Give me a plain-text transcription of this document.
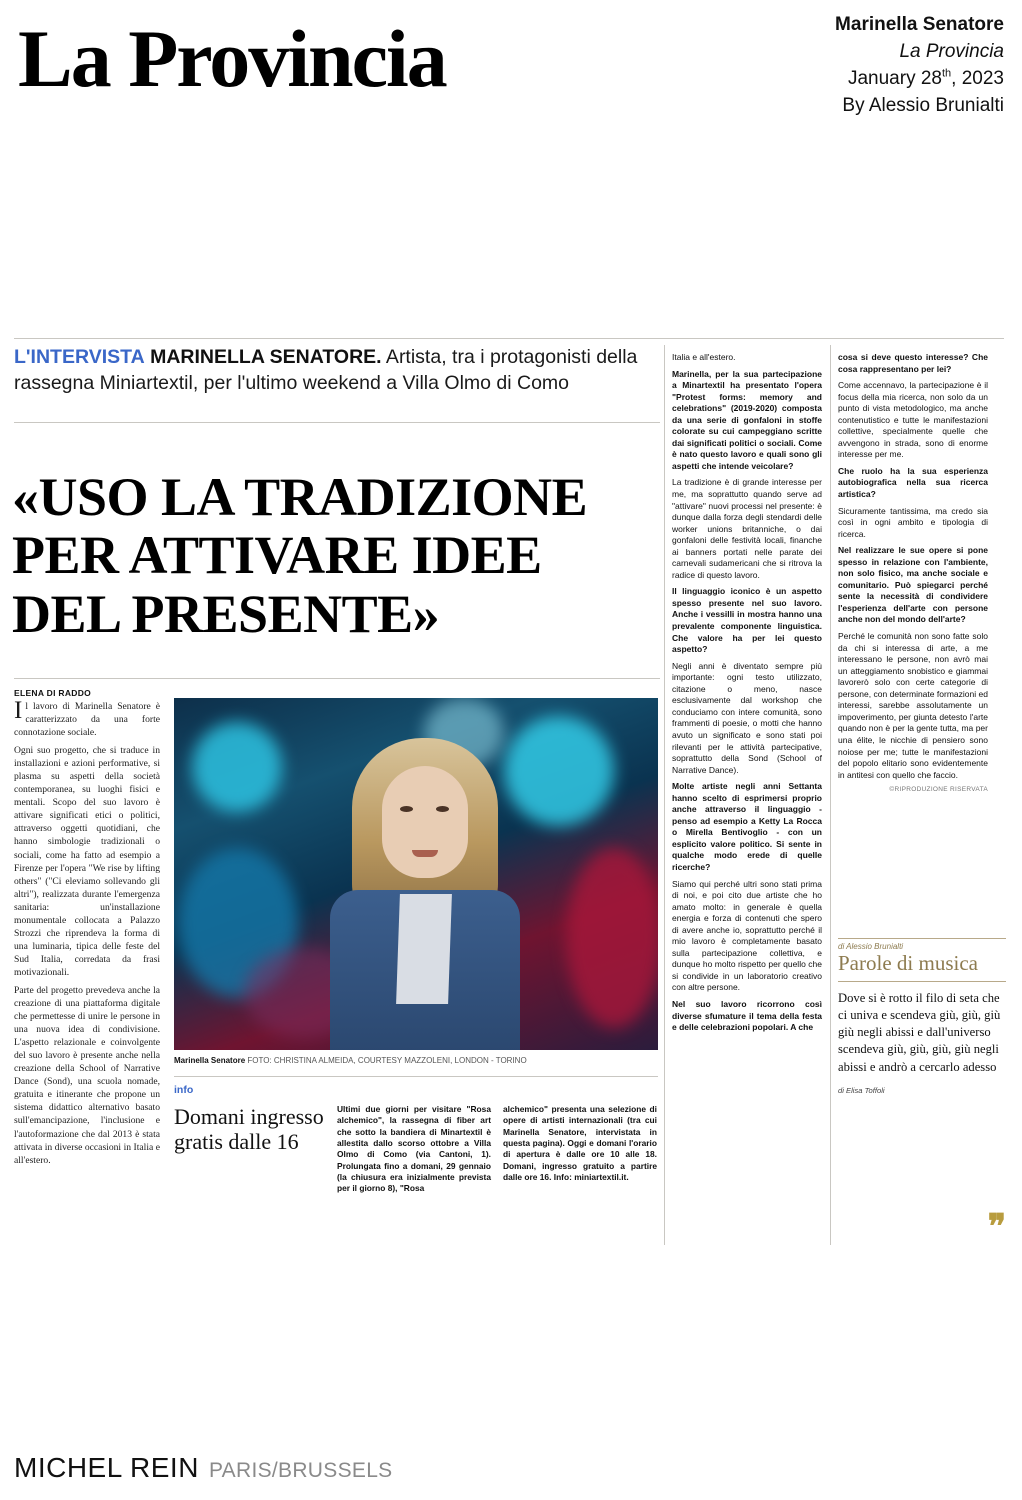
La Provincia	Marinella Senatore
La Provincia
January 28th, 2023
By Alessio Brunialti
L'INTERVISTA MARINELLA SENATORE. Artista, tra i protagonisti della rassegna Miniartextil, per l'ultimo weekend a Villa Olmo di Como
«USO LA TRADIZIONE PER ATTIVARE IDEE DEL PRESENTE»
ELENA DI RADDO

Il lavoro di Marinella Senatore è caratterizzato da una forte connotazione sociale.

Ogni suo progetto, che si traduce in installazioni e azioni performative, si plasma su aspetti della società contemporanea, su luoghi fisici e mentali. Scopo del suo lavoro è attivare significati etici o politici, attraverso oggetti quotidiani, che hanno simbologie tradizionali o sociali, come ha fatto ad esempio a Firenze per l'opera "We rise by lifting others" ("Ci eleviamo sollevando gli altri"), realizzata durante l'emergenza sanitaria: un'installazione monumentale collocata a Palazzo Strozzi che riprendeva la forma di una luminaria, tipica delle feste del Sud Italia, corredata da frasi motivazionali.

Parte del progetto prevedeva anche la creazione di una piattaforma digitale che permettesse di unire le persone in una nuova idea di condivisione. L'aspetto relazionale e coinvolgente del suo lavoro è presente anche nella creazione della School of Narrative Dance (Sond), una scuola nomade, gratuita e itinerante che propone un sistema didattico alternativo basato sull'emancipazione, l'inclusione e l'autoformazione che dal 2013 è stata attivata in diverse occasioni in Italia e all'estero.

Marinella Senatore FOTO: CHRISTINA ALMEIDA, COURTESY MAZZOLENI, LONDON - TORINO
info
Domani ingresso gratis dalle 16
Ultimi due giorni per visitare "Rosa alchemico", la rassegna di fiber art che sotto la bandiera di Minartextil è allestita dallo scorso ottobre a Villa Olmo di Como (via Cantoni, 1). Prolungata fino a domani, 29 gennaio (la chiusura era inizialmente prevista per il giorno 8), "Rosa
alchemico" presenta una selezione di opere di artisti internazionali (tra cui Marinella Senatore, intervistata in questa pagina). Oggi e domani l'orario di apertura è dalle ore 10 alle 18. Domani, ingresso gratuito a partire dalle ore 16. Info: miniartextil.it.

Italia e all'estero.

Marinella, per la sua partecipazione a Minartextil ha presentato l'opera "Protest forms: memory and celebrations" (2019-2020) composta da una serie di gonfaloni in stoffe colorate su cui campeggiano scritte dai significati politici o sociali. Come è nato questo lavoro e quali sono gli aspetti che intende veicolare?

La tradizione è di grande interesse per me, ma soprattutto quando serve ad "attivare" nuovi processi nel presente: è dunque dalla forza degli stendardi delle worker unions britanniche, o dai gonfaloni delle festività locali, finanche ai banners portati nelle parate dei carnevali sudamericani che si ritrova la radice di questo lavoro.

Il linguaggio iconico è un aspetto spesso presente nel suo lavoro. Anche i vessilli in mostra hanno una prevalente componente linguistica. Che valore ha per lei questo aspetto?

Negli anni è diventato sempre più importante: ogni testo utilizzato, citazione o meno, nasce esclusivamente dal workshop che conduciamo con intere comunità, sono frammenti di poesie, o motti che hanno avuto un significato e sono stati poi rilevanti per le attività partecipative, soprattutto della Sond (School of Narrative Dance).

Molte artiste negli anni Settanta hanno scelto di esprimersi proprio anche attraverso il linguaggio - penso ad esempio a Ketty La Rocca o Mirella Bentivoglio - con un esplicito valore politico. Si sente in qualche modo erede di quelle ricerche?

Siamo qui perché ultri sono stati prima di noi, e poi cito due artiste che ho amato molto: in generale è quella energia e forza di contenuti che spero di avere anche io, soprattutto perché il mio lavoro è completamente basato sulla partecipazione collettiva, e dunque ho molto rispetto per quello che si condivide in un laboratorio creativo con altre persone.

Nel suo lavoro ricorrono così diverse sfumature il tema della festa e delle celebrazioni popolari. A che

cosa si deve questo interesse? Che cosa rappresentano per lei?

Come accennavo, la partecipazione è il focus della mia ricerca, non solo da un punto di vista metodologico, ma anche contenutistico e tutte le manifestazioni collettive, specialmente quelle che avvengono in strada, sono di enorme interesse per me.

Che ruolo ha la sua esperienza autobiografica nella sua ricerca artistica?

Sicuramente tantissima, ma credo sia così in ogni ambito e tipologia di ricerca.

Nel realizzare le sue opere si pone spesso in relazione con l'ambiente, non solo fisico, ma anche sociale e comunitario. Può spiegarci perché sente la necessità di condividere l'esperienza dell'arte con persone anche non del mondo dell'arte?

Perché le comunità non sono fatte solo da chi si interessa di arte, a me interessano le persone, non avrò mai un atteggiamento snobistico e giammai lavorerò solo con certe categorie di persone, con determinate formazioni ed interessi, sarebbe assolutamente un impoverimento, per giunta detesto l'arte quando non è per la gente tutta, ma per una élite, le nicchie di pensiero sono noiose per me; tutte le manifestazioni del popolo elitario sono evidentemente in antitesi con quello che faccio.

©RIPRODUZIONE RISERVATA

di Alessio Brunialti
Parole di musica
Dove si è rotto il filo di seta che ci univa e scendeva giù, giù, giù giù negli abissi e dall'universo scendeva giù, giù, giù, giù negli abissi e andrò a cercarlo adesso
di Elisa Toffoli
❞
MICHEL REIN PARIS/BRUSSELS
